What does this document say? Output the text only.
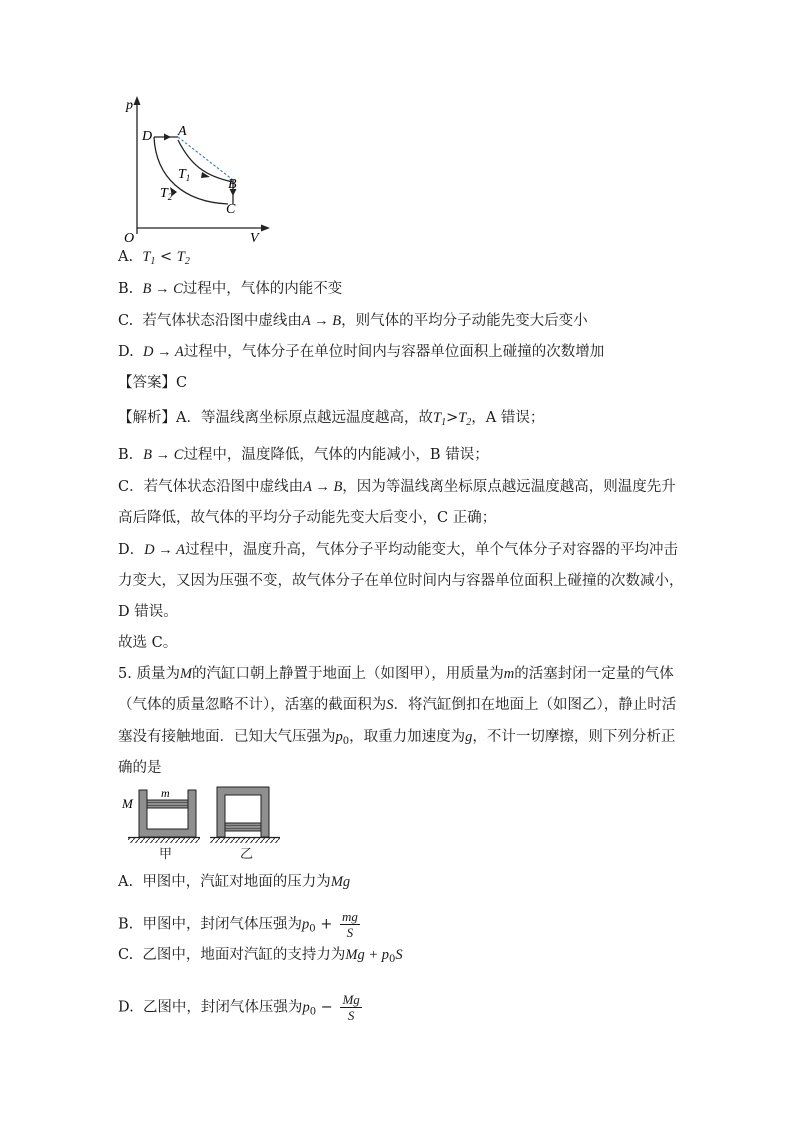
p
V
O
D A
B
C
$T_1$
$T_2$
A. $T_1 < T_2$
B. B → C过程中，气体的内能不变
C. 若气体状态沿图中虚线由A → B，则气体的平均分子动能先变大后变小
D. D → A过程中，气体分子在单位时间内与容器单位面积上碰撞的次数增加
【答案】C
【解析】A．等温线离坐标原点越远温度越高，故$T_1>T_2$，A 错误；
B．B → C过程中，温度降低，气体的内能减小，B 错误；
C．若气体状态沿图中虚线由A → B，因为等温线离坐标原点越远温度越高，则温度先升
高后降低，故气体的平均分子动能先变大后变小，C 正确；
D．D → A过程中，温度升高，气体分子平均动能变大，单个气体分子对容器的平均冲击
力变大，又因为压强不变，故气体分子在单位时间内与容器单位面积上碰撞的次数减小，
D 错误。
故选 C。
5. 质量为M的汽缸口朝上静置于地面上（如图甲），用质量为m的活塞封闭一定量的气体
（气体的质量忽略不计），活塞的截面积为S．将汽缸倒扣在地面上（如图乙），静止时活
塞没有接触地面．已知大气压强为$p_0$，取重力加速度为g，不计一切摩擦，则下列分析正
确的是
M
m
甲	乙
A. 甲图中，汽缸对地面的压力为Mg
B. 甲图中，封闭气体压强为$p_0 + \frac{mg}{S}$
C. 乙图中，地面对汽缸的支持力为$Mg + p_0S$
D. 乙图中，封闭气体压强为$p_0 - \frac{Mg}{S}$
